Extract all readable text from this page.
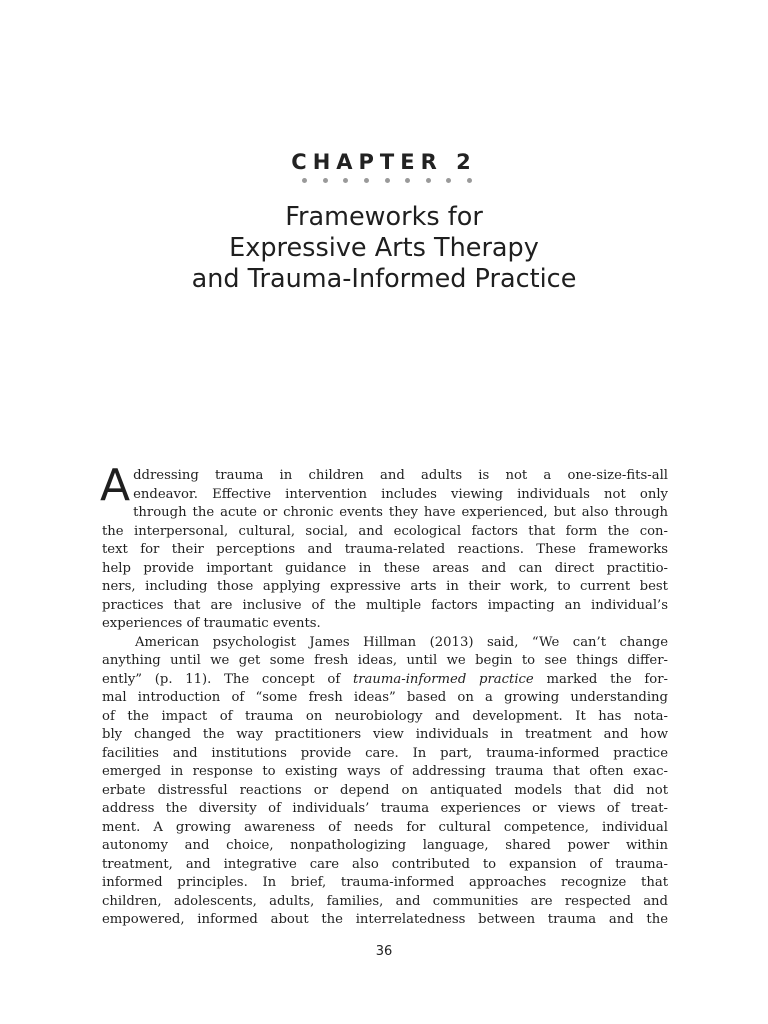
CHAPTER 2
Frameworks for
Expressive Arts Therapy
and Trauma-Informed Practice
A ddressing trauma in children and adults is not a one-size-fits-all
endeavor. Effective intervention includes viewing individuals not only
through the acute or chronic events they have experienced, but also through
the interpersonal, cultural, social, and ecological factors that form the con-
text for their perceptions and trauma-related reactions. These frameworks
help provide important guidance in these areas and can direct practitio-
ners, including those applying expressive arts in their work, to current best
practices that are inclusive of the multiple factors impacting an individual’s
experiences of traumatic events.
American psychologist James Hillman (2013) said, “We can’t change
anything until we get some fresh ideas, until we begin to see things differ-
ently” (p. 11). The concept of trauma-informed practice marked the for-
mal introduction of “some fresh ideas” based on a growing understanding
of the impact of trauma on neurobiology and development. It has nota-
bly changed the way practitioners view individuals in treatment and how
facilities and institutions provide care. In part, trauma-informed practice
emerged in response to existing ways of addressing trauma that often exac-
erbate distressful reactions or depend on antiquated models that did not
address the diversity of individuals’ trauma experiences or views of treat-
ment. A growing awareness of needs for cultural competence, individual
autonomy and choice, nonpathologizing language, shared power within
treatment, and integrative care also contributed to expansion of trauma-
informed principles. In brief, trauma-informed approaches recognize that
children, adolescents, adults, families, and communities are respected and
empowered, informed about the interrelatedness between trauma and the
36
